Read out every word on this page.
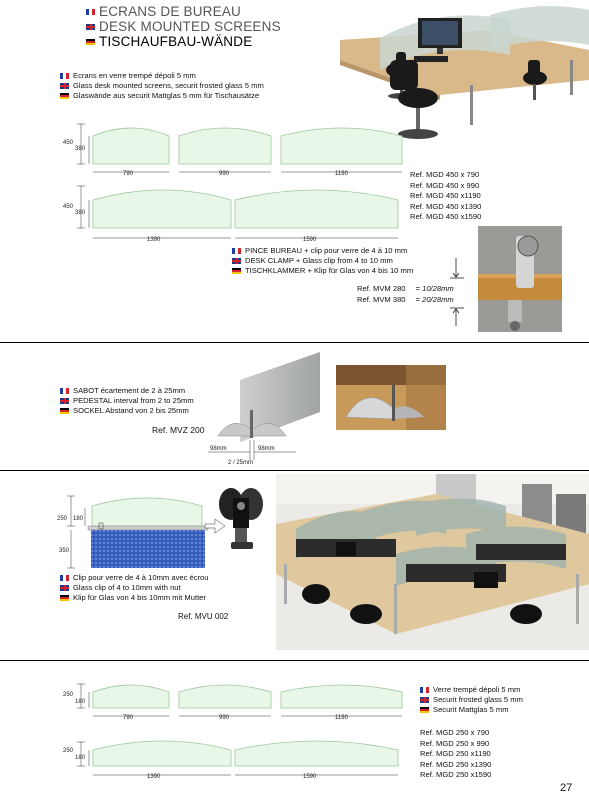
ECRANS DE BUREAU
DESK MOUNTED SCREENS
TISCHAUFBAU-WÄNDE
Ecrans en verre trempé dépoli 5 mm
Glass desk mounted screens, securit frosted glass 5 mm
Glaswände aus securit Mattglas 5 mm für Tischausätze
450
380
790	990	1190
450
380
1390	1590
Ref. MGD 450 x 790
Ref. MGD 450 x 990
Ref. MGD 450 x1190
Ref. MGD 450 x1390
Ref. MGD 450 x1590
PINCE BUREAU + clip pour verre de 4 à 10 mm
DESK CLAMP + Glass clip from 4 to 10 mm
TISCHKLAMMER + Klip für Glas von 4 bis 10 mm
Ref. MVM 280 = 10/28mm
Ref. MVM 380 = 20/28mm
SABOT écartement de 2 à 25mm
PEDESTAL interval from 2 to 25mm
SOCKEL Abstand von 2 bis 25mm
Ref. MVZ 200
98mm	98mm
2 / 25mm
250 180
350
Clip pour verre de 4 à 10mm avec écrou
Glass clip of 4 to 10mm with nut
Klip für Glas von 4 bis 10mm mit Mutter
Ref. MVU 002
250
180
790	990	1190
250
180
1390	1590
Verre trempé dépoli 5 mm
Securit frosted glass 5 mm
Securit Mattglas 5 mm
Ref. MGD 250 x 790
Ref. MGD 250 x 990
Ref. MGD 250 x1190
Ref. MGD 250 x1390
Ref. MGD 250 x1590
27
